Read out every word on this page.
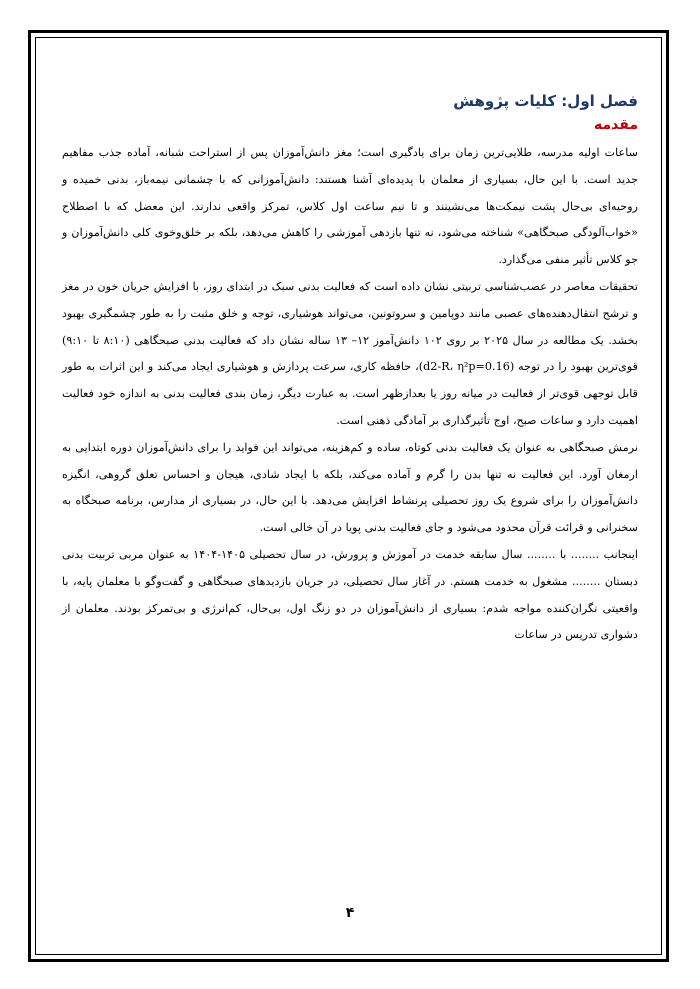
فصل اول: کلیات پژوهش
مقدمه

ساعات اولیه مدرسه، طلایی‌ترین زمان برای یادگیری است؛ مغز دانش‌آموزان پس از استراحت شبانه، آماده جذب مفاهیم جدید است. با این حال، بسیاری از معلمان با پدیده‌ای آشنا هستند: دانش‌آموزانی که با چشمانی نیمه‌باز، بدنی خمیده و روحیه‌ای بی‌حال پشت نیمکت‌ها می‌نشینند و تا نیم ساعت اول کلاس، تمرکز واقعی ندارند. این معضل که با اصطلاح «خواب‌آلودگی صبحگاهی» شناخته می‌شود، نه تنها بازدهی آموزشی را کاهش می‌دهد، بلکه بر خلق‌وخوی کلی دانش‌آموزان و جو کلاس تأثیر منفی می‌گذارد.

تحقیقات معاصر در عصب‌شناسی تربیتی نشان داده است که فعالیت بدنی سبک در ابتدای روز، با افزایش جریان خون در مغز و ترشح انتقال‌دهنده‌های عصبی مانند دوپامین و سروتونین، می‌تواند هوشیاری، توجه و خلق مثبت را به طور چشمگیری بهبود بخشد. یک مطالعه در سال ۲۰۲۵ بر روی ۱۰۲ دانش‌آموز ۱۲– ۱۳ ساله نشان داد که فعالیت بدنی صبحگاهی (۸:۱۰ تا ۹:۱۰) قوی‌ترین بهبود را در توجه (d2-R، η²p=0.16)، حافظه کاری، سرعت پردازش و هوشیاری ایجاد می‌کند و این اثرات به طور قابل توجهی قوی‌تر از فعالیت در میانه روز یا بعدازظهر است. به عبارت دیگر، زمان بندی فعالیت بدنی به اندازه خود فعالیت اهمیت دارد و ساعات صبح، اوج تأثیرگذاری بر آمادگی ذهنی است.

نرمش صبحگاهی به عنوان یک فعالیت بدنی کوتاه، ساده و کم‌هزینه، می‌تواند این فواید را برای دانش‌آموزان دوره ابتدایی به ارمغان آورد. این فعالیت نه تنها بدن را گرم و آماده می‌کند، بلکه با ایجاد شادی، هیجان و احساس تعلق گروهی، انگیزه دانش‌آموزان را برای شروع یک روز تحصیلی پرنشاط افزایش می‌دهد. با این حال، در بسیاری از مدارس، برنامه صبحگاه به سخنرانی و قرائت قرآن محدود می‌شود و جای فعالیت بدنی پویا در آن خالی است.

اینجانب ........ با ........ سال سابقه خدمت در آموزش و پرورش، در سال تحصیلی ۱۴۰۵-۱۴۰۴ به عنوان مربی تربیت بدنی دبستان ........ مشغول به خدمت هستم. در آغاز سال تحصیلی، در جریان بازدیدهای صبحگاهی و گفت‌وگو با معلمان پایه، با واقعیتی نگران‌کننده مواجه شدم: بسیاری از دانش‌آموزان در دو زنگ اول، بی‌حال، کم‌انرژی و بی‌تمرکز بودند. معلمان از دشواری تدریس در ساعات

۴
